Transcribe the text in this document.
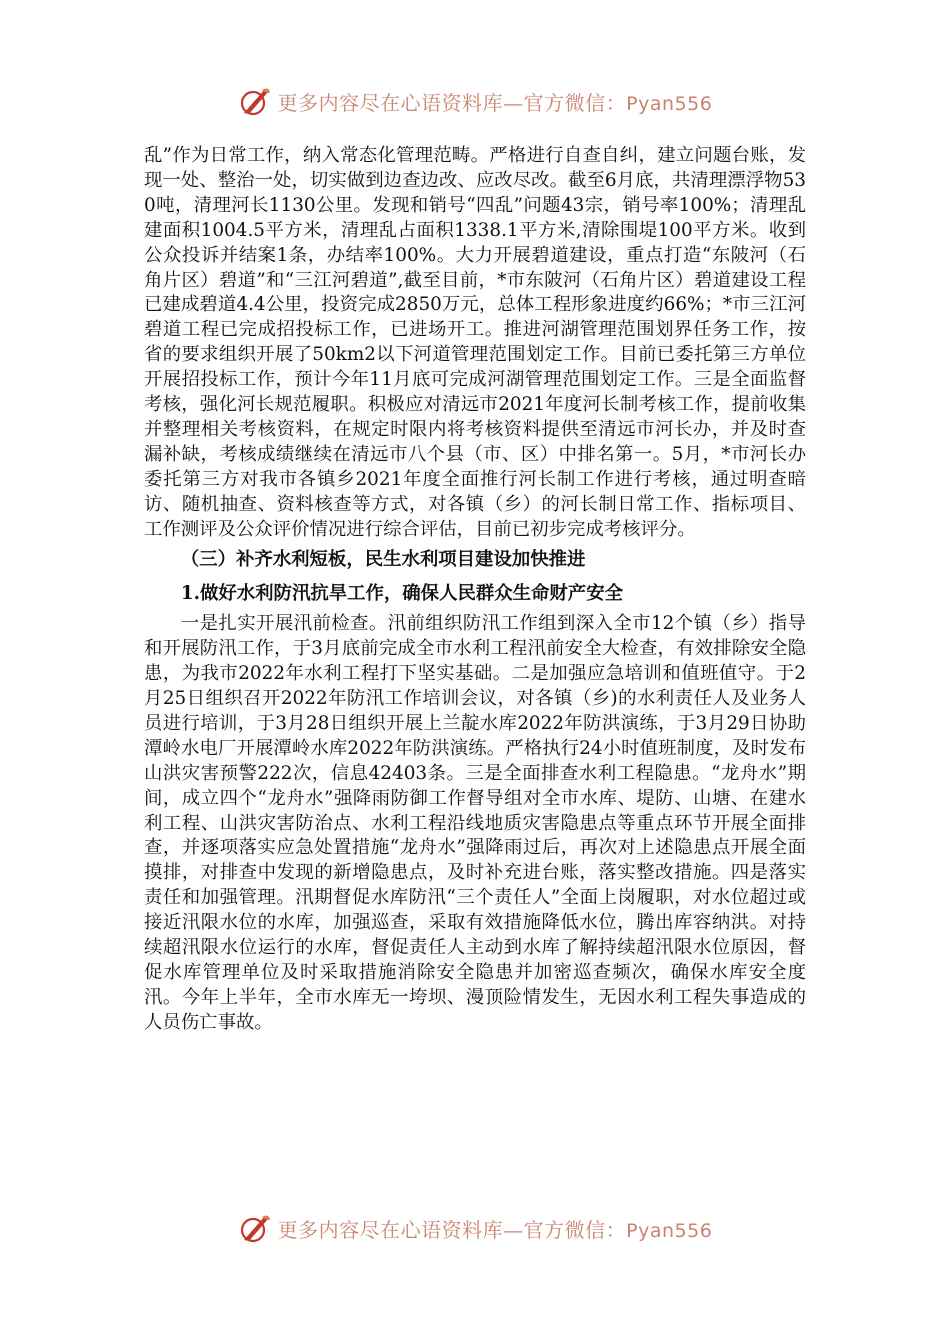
更多内容尽在心语资料库—官方微信：Pyan556

乱”作为日常工作，纳入常态化管理范畴。严格进行自查自纠，建立问题台账，发现一处、整治一处，切实做到边查边改、应改尽改。截至6月底，共清理漂浮物530吨，清理河长1130公里。发现和销号“四乱”问题43宗，销号率100%；清理乱建面积1004.5平方米，清理乱占面积1338.1平方米,清除围堤100平方米。收到公众投诉并结案1条，办结率100%。大力开展碧道建设，重点打造“东陂河（石角片区）碧道”和“三江河碧道”,截至目前，*市东陂河（石角片区）碧道建设工程已建成碧道4.4公里，投资完成2850万元，总体工程形象进度约66%；*市三江河碧道工程已完成招投标工作，已进场开工。推进河湖管理范围划界任务工作，按省的要求组织开展了50km2以下河道管理范围划定工作。目前已委托第三方单位开展招投标工作，预计今年11月底可完成河湖管理范围划定工作。三是全面监督考核，强化河长规范履职。积极应对清远市2021年度河长制考核工作，提前收集并整理相关考核资料，在规定时限内将考核资料提供至清远市河长办，并及时查漏补缺，考核成绩继续在清远市八个县（市、区）中排名第一。5月，*市河长办委托第三方对我市各镇乡2021年度全面推行河长制工作进行考核，通过明查暗访、随机抽查、资料核查等方式，对各镇（乡）的河长制日常工作、指标项目、工作测评及公众评价情况进行综合评估，目前已初步完成考核评分。

（三）补齐水利短板，民生水利项目建设加快推进

1.做好水利防汛抗旱工作，确保人民群众生命财产安全

一是扎实开展汛前检查。汛前组织防汛工作组到深入全市12个镇（乡）指导和开展防汛工作，于3月底前完成全市水利工程汛前安全大检查，有效排除安全隐患，为我市2022年水利工程打下坚实基础。二是加强应急培训和值班值守。于2月25日组织召开2022年防汛工作培训会议，对各镇（乡)的水利责任人及业务人员进行培训，于3月28日组织开展上兰靛水库2022年防洪演练，于3月29日协助潭岭水电厂开展潭岭水库2022年防洪演练。严格执行24小时值班制度，及时发布山洪灾害预警222次，信息42403条。三是全面排查水利工程隐患。“龙舟水”期间，成立四个“龙舟水”强降雨防御工作督导组对全市水库、堤防、山塘、在建水利工程、山洪灾害防治点、水利工程沿线地质灾害隐患点等重点环节开展全面排查，并逐项落实应急处置措施“龙舟水”强降雨过后，再次对上述隐患点开展全面摸排，对排查中发现的新增隐患点，及时补充进台账，落实整改措施。四是落实责任和加强管理。汛期督促水库防汛“三个责任人”全面上岗履职，对水位超过或接近汛限水位的水库，加强巡查，采取有效措施降低水位，腾出库容纳洪。对持续超汛限水位运行的水库，督促责任人主动到水库了解持续超汛限水位原因，督促水库管理单位及时采取措施消除安全隐患并加密巡查频次，确保水库安全度汛。今年上半年，全市水库无一垮坝、漫顶险情发生，无因水利工程失事造成的人员伤亡事故。

更多内容尽在心语资料库—官方微信：Pyan556
